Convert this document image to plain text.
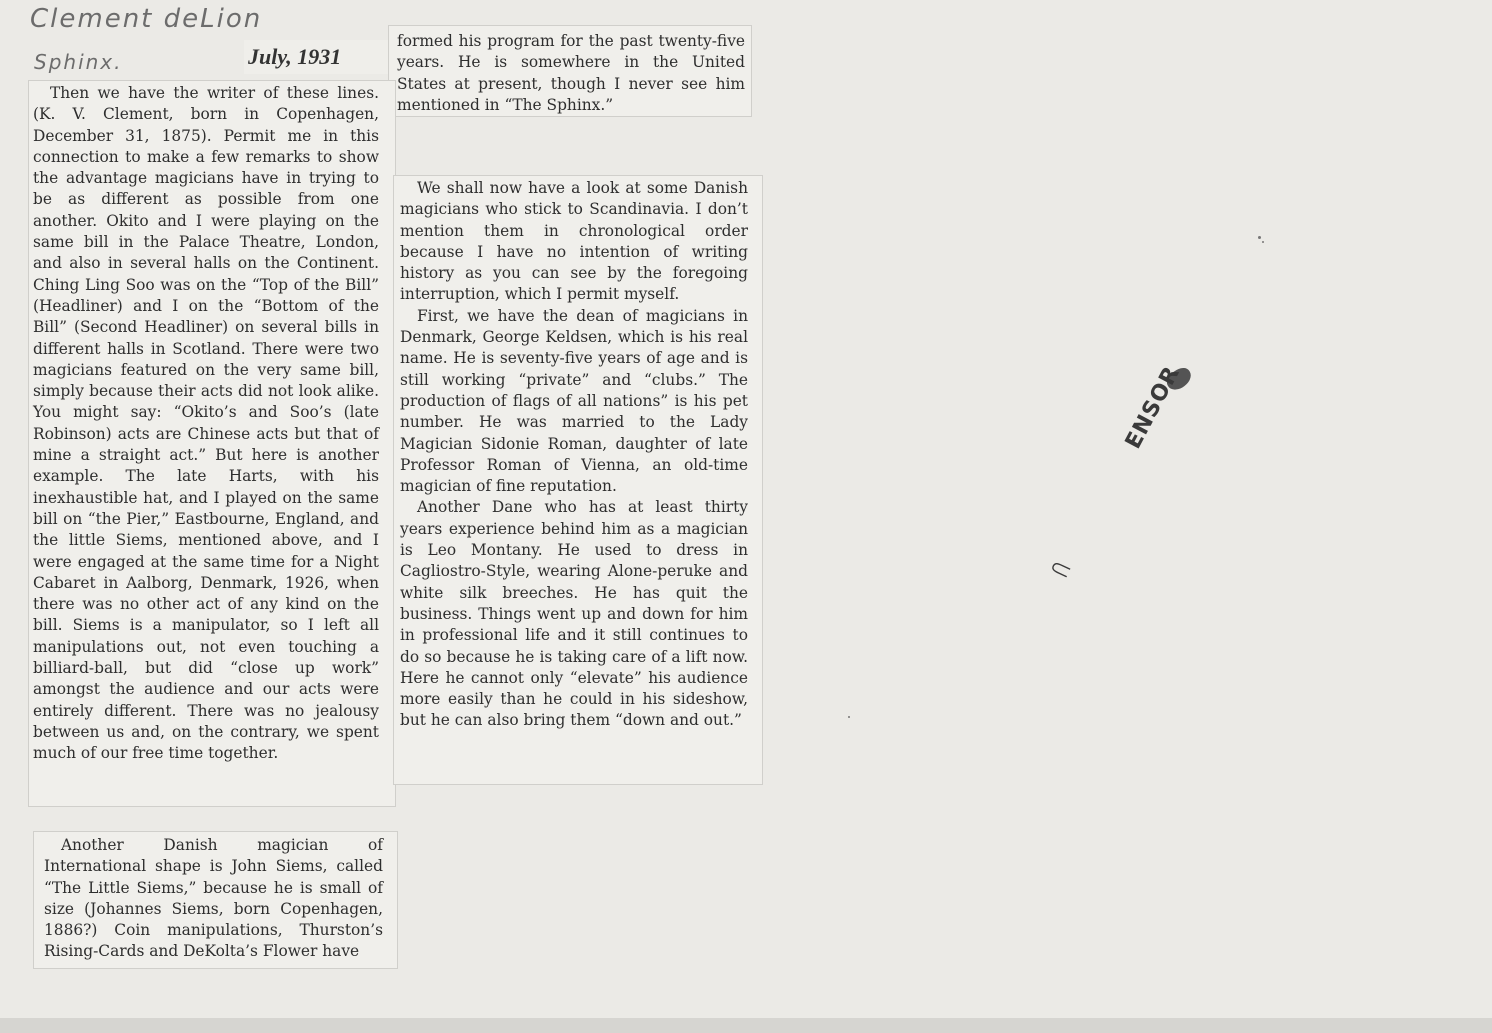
Clement deLion
Sphinx.	July, 1931

formed his program for the past twenty-five years. He is somewhere in the United States at present, though I never see him mentioned in “The Sphinx.”

Then we have the writer of these lines. (K. V. Clement, born in Copenhagen, December 31, 1875). Permit me in this connection to make a few remarks to show the advantage magicians have in trying to be as different as possible from one another. Okito and I were playing on the same bill in the Palace Theatre, London, and also in several halls on the Continent. Ching Ling Soo was on the “Top of the Bill” (Headliner) and I on the “Bottom of the Bill” (Second Headliner) on several bills in different halls in Scotland. There were two magicians featured on the very same bill, simply because their acts did not look alike. You might say: “Okito’s and Soo’s (late Robinson) acts are Chinese acts but that of mine a straight act.” But here is another example. The late Harts, with his inexhaustible hat, and I played on the same bill on “the Pier,” Eastbourne, England, and the little Siems, mentioned above, and I were engaged at the same time for a Night Cabaret in Aalborg, Denmark, 1926, when there was no other act of any kind on the bill. Siems is a manipulator, so I left all manipulations out, not even touching a billiard-ball, but did “close up work” amongst the audience and our acts were entirely different. There was no jealousy between us and, on the contrary, we spent much of our free time together.

We shall now have a look at some Danish magicians who stick to Scandinavia. I don’t mention them in chronological order because I have no intention of writing history as you can see by the foregoing interruption, which I permit myself.

First, we have the dean of magicians in Denmark, George Keldsen, which is his real name. He is seventy-five years of age and is still working “private” and “clubs.” The production of flags of all nations” is his pet number. He was married to the Lady Magician Sidonie Roman, daughter of late Professor Roman of Vienna, an old-time magician of fine reputation.

Another Dane who has at least thirty years experience behind him as a magician is Leo Montany. He used to dress in Cagliostro-Style, wearing Alone-peruke and white silk breeches. He has quit the business. Things went up and down for him in professional life and it still continues to do so because he is taking care of a lift now. Here he cannot only “elevate” his audience more easily than he could in his sideshow, but he can also bring them “down and out.”

Another Danish magician of International shape is John Siems, called “The Little Siems,” because he is small of size (Johannes Siems, born Copenhagen, 1886?) Coin manipulations, Thurston’s Rising-Cards and DeKolta’s Flower have

ENSOR
⸦
